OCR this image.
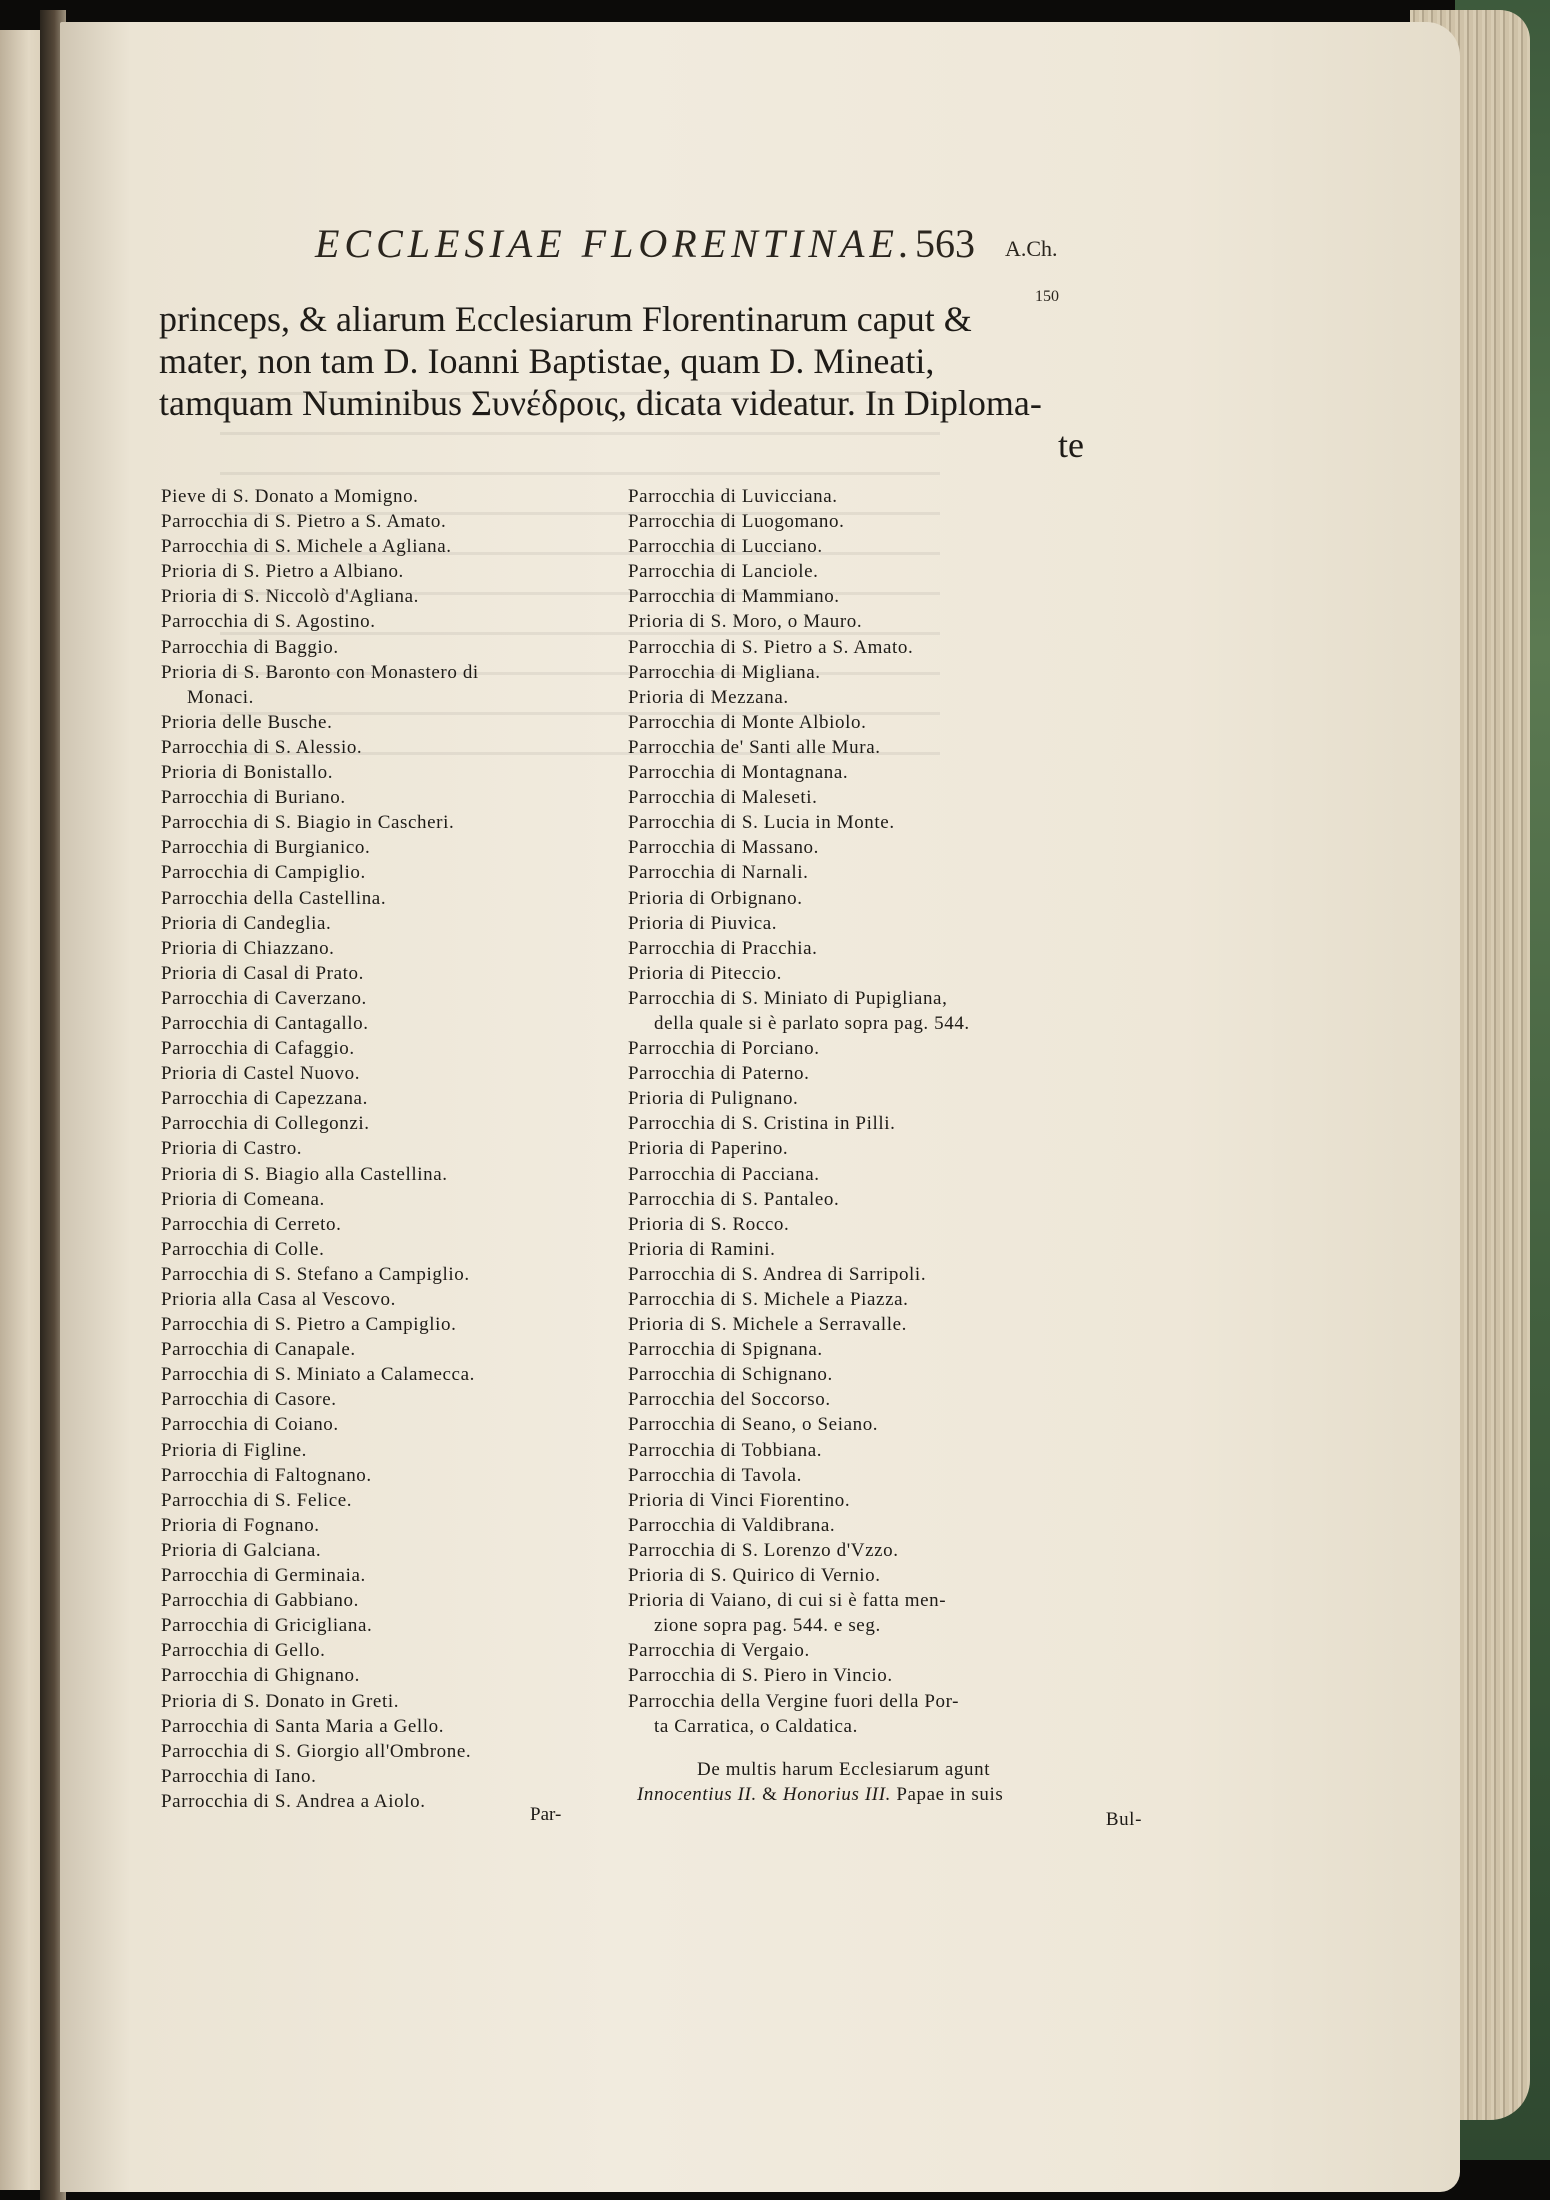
ECCLESIAE FLORENTINAE. 563 A.Ch.
150
princeps, & aliarum Ecclesiarum Florentinarum caput &
mater, non tam D. Ioanni Baptistae, quam D. Mineati,
tamquam Numinibus Συνέδροις, dicata videatur. In Diploma-
te
Pieve di S. Donato a Momigno.
Parrocchia di S. Pietro a S. Amato.
Parrocchia di S. Michele a Agliana.
Prioria di S. Pietro a Albiano.
Prioria di S. Niccolò d'Agliana.
Parrocchia di S. Agostino.
Parrocchia di Baggio.
Prioria di S. Baronto con Monastero di
Monaci.
Prioria delle Busche.
Parrocchia di S. Alessio.
Prioria di Bonistallo.
Parrocchia di Buriano.
Parrocchia di S. Biagio in Cascheri.
Parrocchia di Burgianico.
Parrocchia di Campiglio.
Parrocchia della Castellina.
Prioria di Candeglia.
Prioria di Chiazzano.
Prioria di Casal di Prato.
Parrocchia di Caverzano.
Parrocchia di Cantagallo.
Parrocchia di Cafaggio.
Prioria di Castel Nuovo.
Parrocchia di Capezzana.
Parrocchia di Collegonzi.
Prioria di Castro.
Prioria di S. Biagio alla Castellina.
Prioria di Comeana.
Parrocchia di Cerreto.
Parrocchia di Colle.
Parrocchia di S. Stefano a Campiglio.
Prioria alla Casa al Vescovo.
Parrocchia di S. Pietro a Campiglio.
Parrocchia di Canapale.
Parrocchia di S. Miniato a Calamecca.
Parrocchia di Casore.
Parrocchia di Coiano.
Prioria di Figline.
Parrocchia di Faltognano.
Parrocchia di S. Felice.
Prioria di Fognano.
Prioria di Galciana.
Parrocchia di Germinaia.
Parrocchia di Gabbiano.
Parrocchia di Gricigliana.
Parrocchia di Gello.
Parrocchia di Ghignano.
Prioria di S. Donato in Greti.
Parrocchia di Santa Maria a Gello.
Parrocchia di S. Giorgio all'Ombrone.
Parrocchia di Iano.
Parrocchia di S. Andrea a Aiolo.
Parrocchia di Luvicciana.
Parrocchia di Luogomano.
Parrocchia di Lucciano.
Parrocchia di Lanciole.
Parrocchia di Mammiano.
Prioria di S. Moro, o Mauro.
Parrocchia di S. Pietro a S. Amato.
Parrocchia di Migliana.
Prioria di Mezzana.
Parrocchia di Monte Albiolo.
Parrocchia de' Santi alle Mura.
Parrocchia di Montagnana.
Parrocchia di Maleseti.
Parrocchia di S. Lucia in Monte.
Parrocchia di Massano.
Parrocchia di Narnali.
Prioria di Orbignano.
Prioria di Piuvica.
Parrocchia di Pracchia.
Prioria di Piteccio.
Parrocchia di S. Miniato di Pupigliana,
della quale si è parlato sopra pag. 544.
Parrocchia di Porciano.
Parrocchia di Paterno.
Prioria di Pulignano.
Parrocchia di S. Cristina in Pilli.
Prioria di Paperino.
Parrocchia di Pacciana.
Parrocchia di S. Pantaleo.
Prioria di S. Rocco.
Prioria di Ramini.
Parrocchia di S. Andrea di Sarripoli.
Parrocchia di S. Michele a Piazza.
Prioria di S. Michele a Serravalle.
Parrocchia di Spignana.
Parrocchia di Schignano.
Parrocchia del Soccorso.
Parrocchia di Seano, o Seiano.
Parrocchia di Tobbiana.
Parrocchia di Tavola.
Prioria di Vinci Fiorentino.
Parrocchia di Valdibrana.
Parrocchia di S. Lorenzo d'Vzzo.
Prioria di S. Quirico di Vernio.
Prioria di Vaiano, di cui si è fatta men-
zione sopra pag. 544. e seg.
Parrocchia di Vergaio.
Parrocchia di S. Piero in Vincio.
Parrocchia della Vergine fuori della Por-
ta Carratica, o Caldatica.
Par-
De multis harum Ecclesiarum agunt
Innocentius II. & Honorius III. Papae in suis
Bul-
